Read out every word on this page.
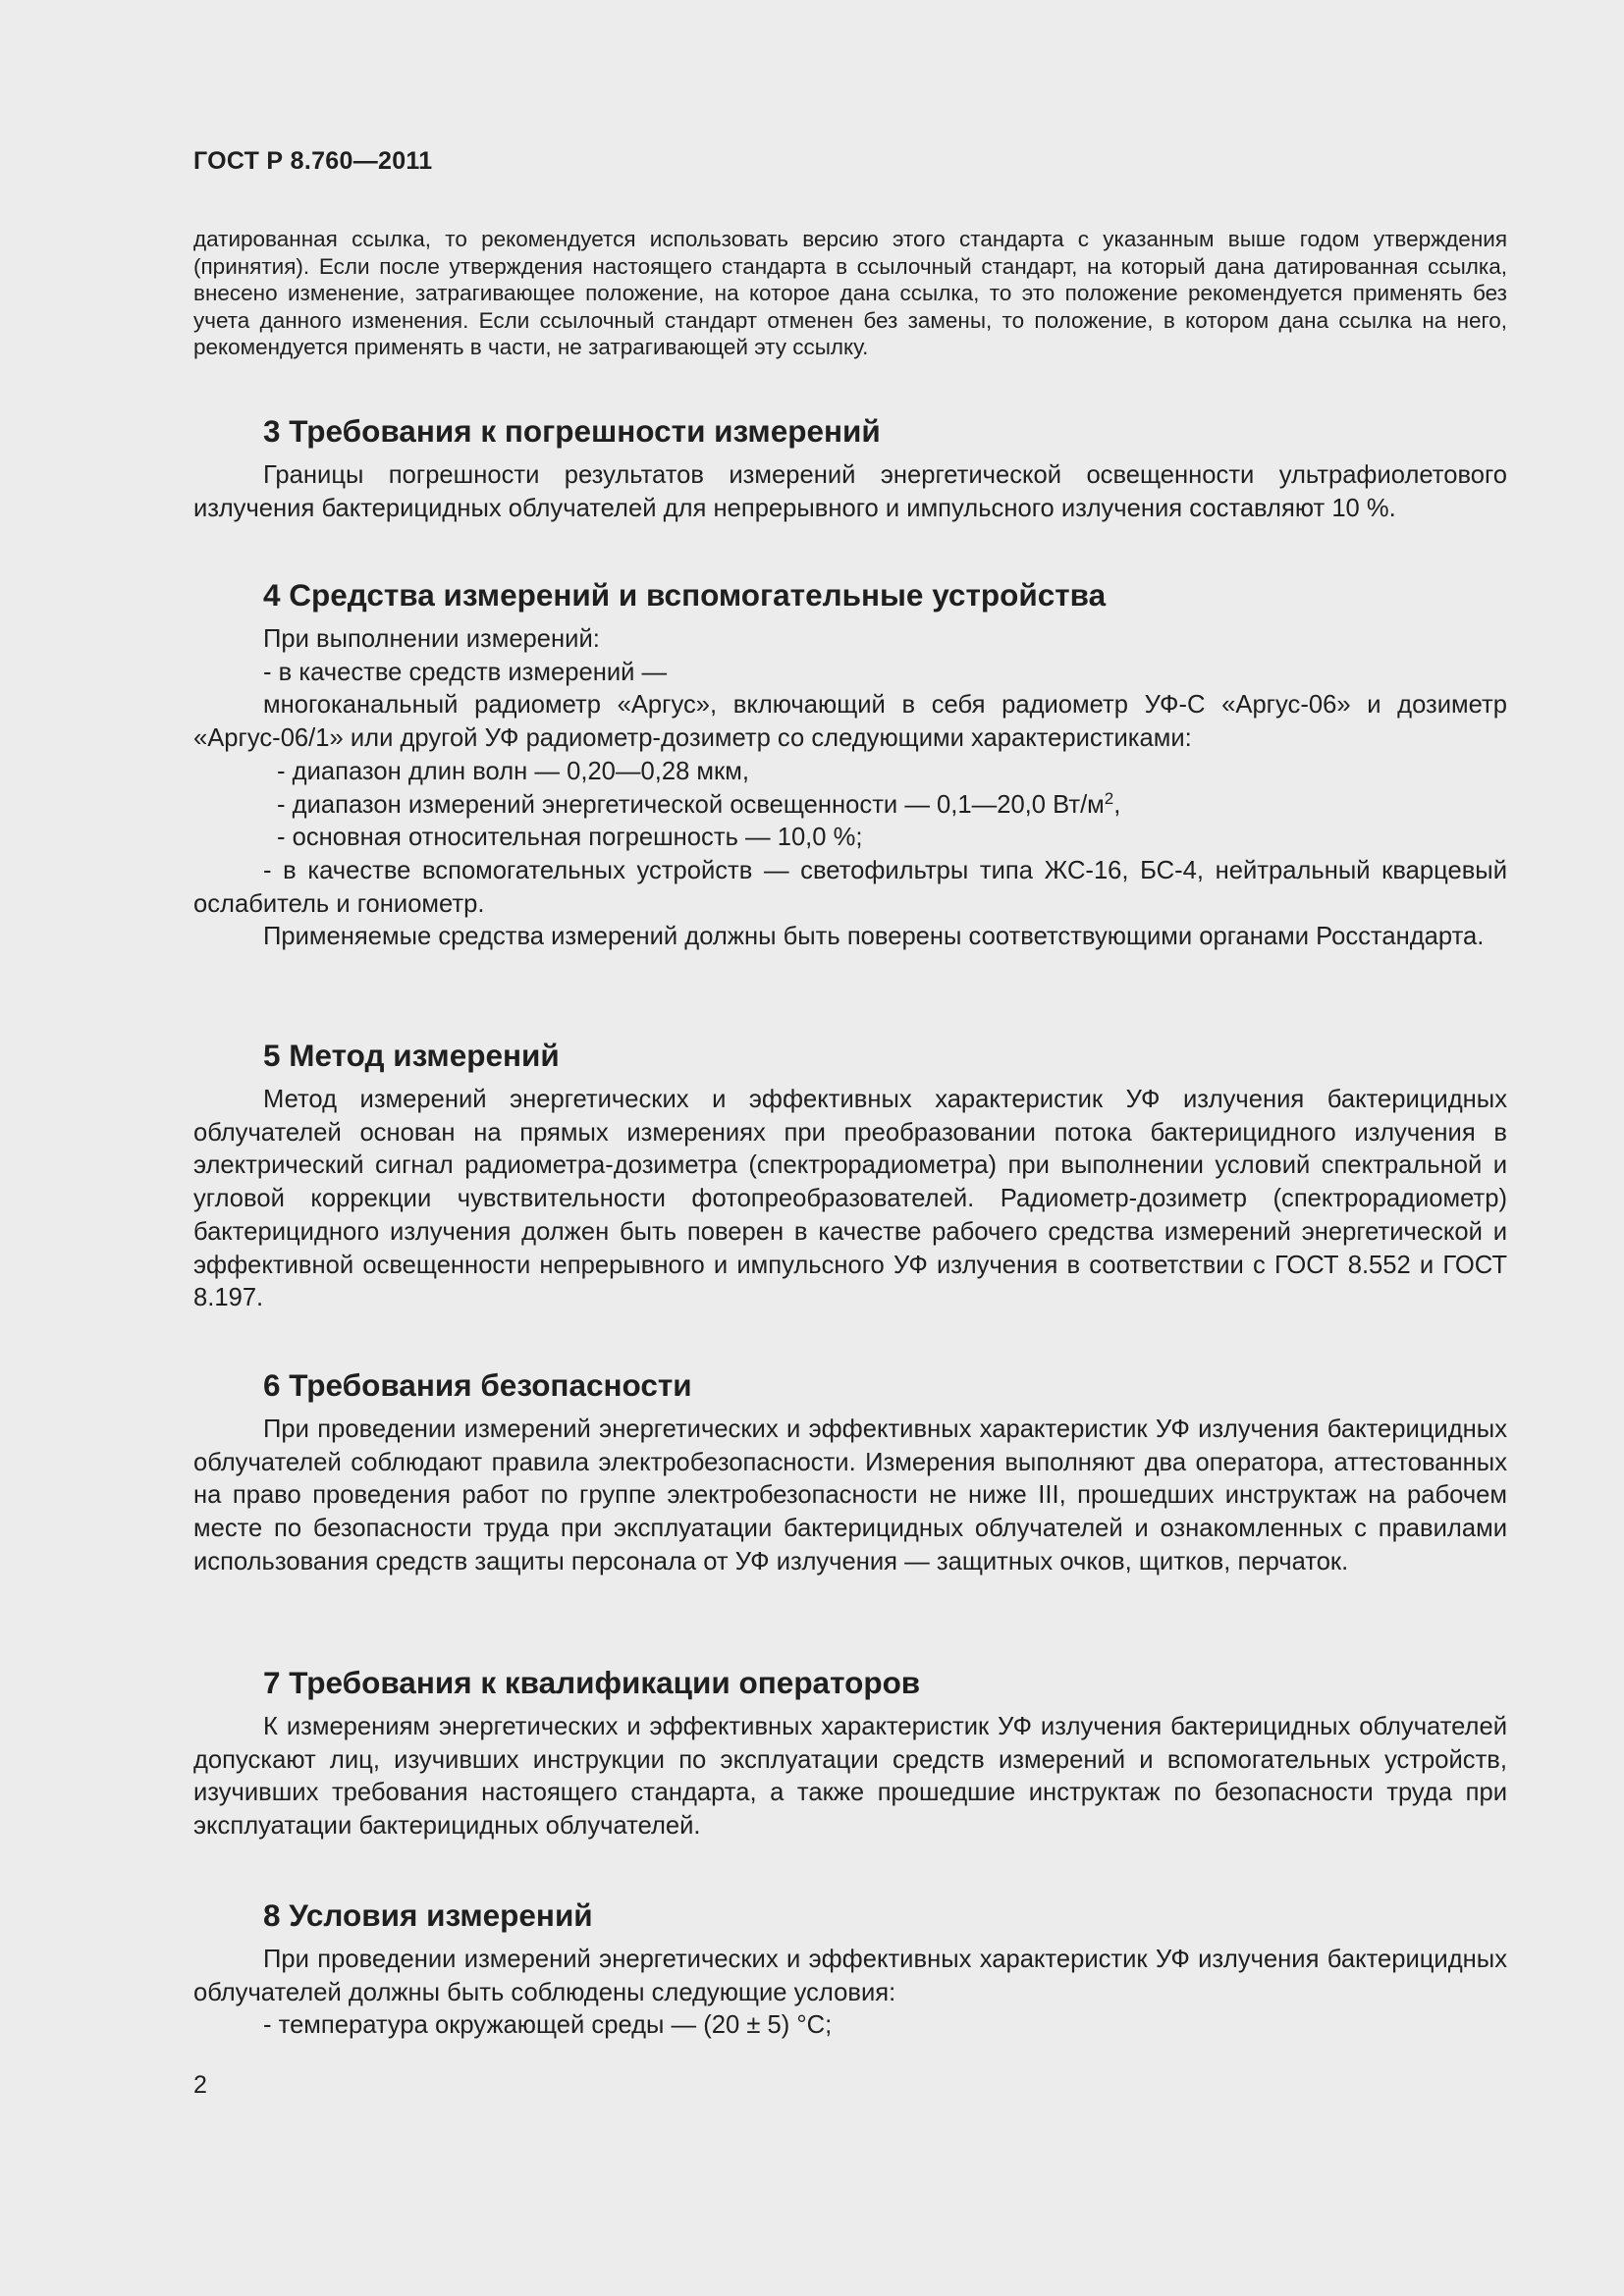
ГОСТ Р 8.760—2011
датированная ссылка, то рекомендуется использовать версию этого стандарта с указанным выше годом утверждения (принятия). Если после утверждения настоящего стандарта в ссылочный стандарт, на который дана датированная ссылка, внесено изменение, затрагивающее положение, на которое дана ссылка, то это положение рекомендуется применять без учета данного изменения. Если ссылочный стандарт отменен без замены, то положение, в котором дана ссылка на него, рекомендуется применять в части, не затрагивающей эту ссылку.
3 Требования к погрешности измерений

Границы погрешности результатов измерений энергетической освещенности ультрафиолетового излучения бактерицидных облучателей для непрерывного и импульсного излучения составляют 10 %.

4 Средства измерений и вспомогательные устройства

При выполнении измерений:

- в качестве средств измерений —

многоканальный радиометр «Аргус», включающий в себя радиометр УФ-С «Аргус-06» и дозиметр «Аргус-06/1» или другой УФ радиометр-дозиметр со следующими характеристиками:

- диапазон длин волн — 0,20—0,28 мкм,

- диапазон измерений энергетической освещенности — 0,1—20,0 $Вт/м^2$,

- основная относительная погрешность — 10,0 %;

- в качестве вспомогательных устройств — светофильтры типа ЖС-16, БС-4, нейтральный кварцевый ослабитель и гониометр.

Применяемые средства измерений должны быть поверены соответствующими органами Росстандарта.

5 Метод измерений

Метод измерений энергетических и эффективных характеристик УФ излучения бактерицидных облучателей основан на прямых измерениях при преобразовании потока бактерицидного излучения в электрический сигнал радиометра-дозиметра (спектрорадиометра) при выполнении условий спектральной и угловой коррекции чувствительности фотопреобразователей. Радиометр-дозиметр (спектрорадиометр) бактерицидного излучения должен быть поверен в качестве рабочего средства измерений энергетической и эффективной освещенности непрерывного и импульсного УФ излучения в соответствии с ГОСТ 8.552 и ГОСТ 8.197.

6 Требования безопасности

При проведении измерений энергетических и эффективных характеристик УФ излучения бактерицидных облучателей соблюдают правила электробезопасности. Измерения выполняют два оператора, аттестованных на право проведения работ по группе электробезопасности не ниже III, прошедших инструктаж на рабочем месте по безопасности труда при эксплуатации бактерицидных облучателей и ознакомленных с правилами использования средств защиты персонала от УФ излучения — защитных очков, щитков, перчаток.

7 Требования к квалификации операторов

К измерениям энергетических и эффективных характеристик УФ излучения бактерицидных облучателей допускают лиц, изучивших инструкции по эксплуатации средств измерений и вспомогательных устройств, изучивших требования настоящего стандарта, а также прошедшие инструктаж по безопасности труда при эксплуатации бактерицидных облучателей.

8 Условия измерений

При проведении измерений энергетических и эффективных характеристик УФ излучения бактерицидных облучателей должны быть соблюдены следующие условия:

- температура окружающей среды — (20 ± 5) °С;

2
